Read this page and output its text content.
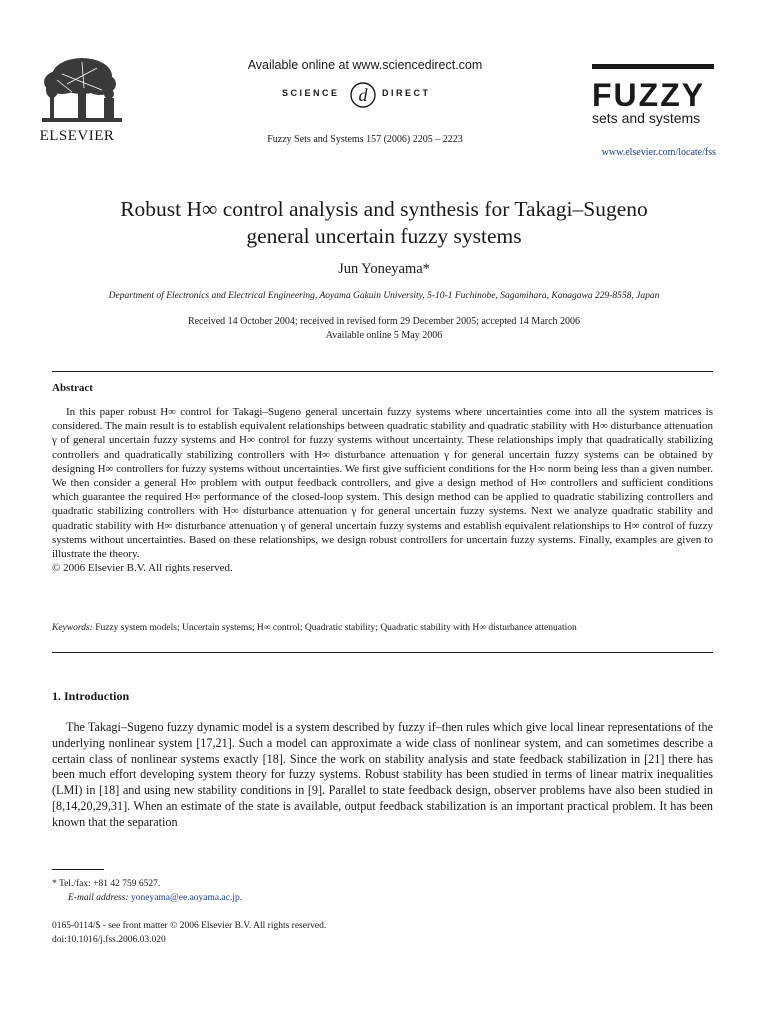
ELSEVIER
Available online at www.sciencedirect.com
SCIENCE d DIRECT
Fuzzy Sets and Systems 157 (2006) 2205 – 2223
FUZZY
sets and systems
www.elsevier.com/locate/fss
Robust H∞ control analysis and synthesis for Takagi–Sugeno
general uncertain fuzzy systems
Jun Yoneyama*
Department of Electronics and Electrical Engineering, Aoyama Gakuin University, 5-10-1 Fuchinobe, Sagamihara, Kanagawa 229-8558, Japan
Received 14 October 2004; received in revised form 29 December 2005; accepted 14 March 2006
Available online 5 May 2006
Abstract
In this paper robust H∞ control for Takagi–Sugeno general uncertain fuzzy systems where uncertainties come into all the system matrices is considered. The main result is to establish equivalent relationships between quadratic stability and quadratic stability with H∞ disturbance attenuation γ of general uncertain fuzzy systems and H∞ control for fuzzy systems without uncertainty. These relationships imply that quadratically stabilizing controllers and quadratically stabilizing controllers with H∞ disturbance attenuation γ for general uncertain fuzzy systems can be obtained by designing H∞ controllers for fuzzy systems without uncertainties. We first give sufficient conditions for the H∞ norm being less than a given number. We then consider a general H∞ problem with output feedback controllers, and give a design method of H∞ controllers and sufficient conditions which guarantee the required H∞ performance of the closed-loop system. This design method can be applied to quadratic stabilizing controllers and quadratic stabilizing controllers with H∞ disturbance attenuation γ for general uncertain fuzzy systems. Next we analyze quadratic stability and quadratic stability with H∞ disturbance attenuation γ of general uncertain fuzzy systems and establish equivalent relationships to H∞ control of fuzzy systems without uncertainties. Based on these relationships, we design robust controllers for uncertain fuzzy systems. Finally, examples are given to illustrate the theory.
© 2006 Elsevier B.V. All rights reserved.
Keywords: Fuzzy system models; Uncertain systems; H∞ control; Quadratic stability; Quadratic stability with H∞ disturbance attenuation
1. Introduction
The Takagi–Sugeno fuzzy dynamic model is a system described by fuzzy if–then rules which give local linear representations of the underlying nonlinear system [17,21]. Such a model can approximate a wide class of nonlinear system, and can sometimes describe a certain class of nonlinear systems exactly [18]. Since the work on stability analysis and state feedback stabilization in [21] there has been much effort developing system theory for fuzzy systems. Robust stability has been studied in terms of linear matrix inequalities (LMI) in [18] and using new stability conditions in [9]. Parallel to state feedback design, observer problems have also been studied in [8,14,20,29,31]. When an estimate of the state is available, output feedback stabilization is an important practical problem. It has been known that the separation
* Tel./fax: +81 42 759 6527.
E-mail address: yoneyama@ee.aoyama.ac.jp.
0165-0114/$ - see front matter © 2006 Elsevier B.V. All rights reserved.
doi:10.1016/j.fss.2006.03.020
